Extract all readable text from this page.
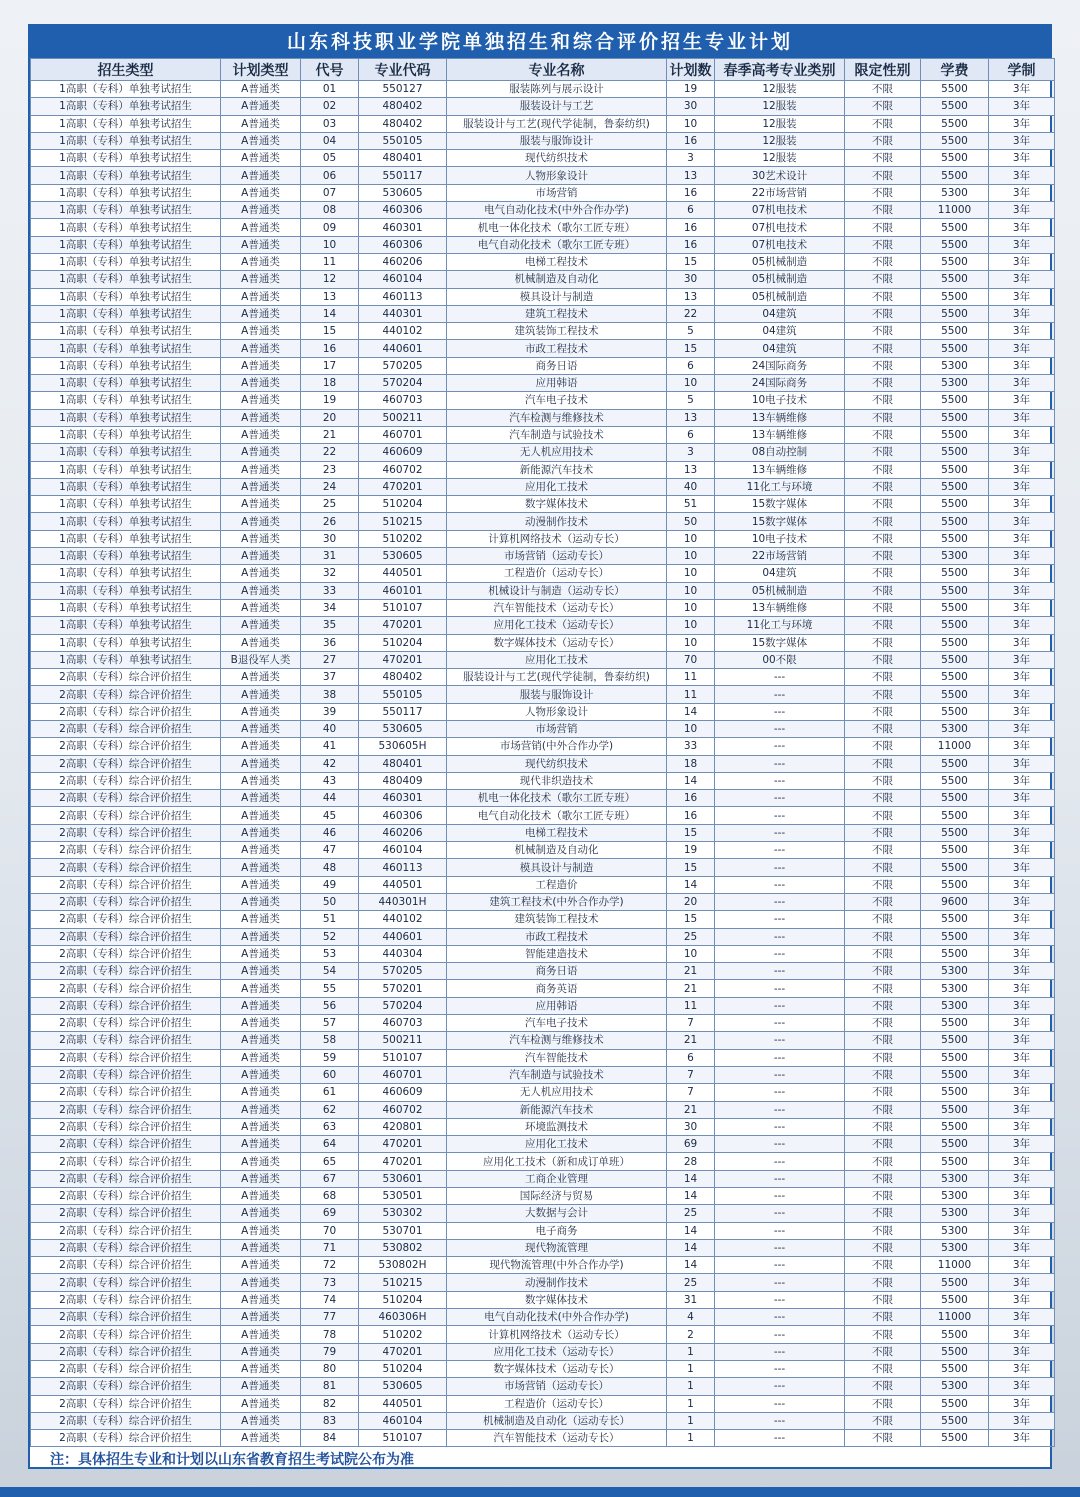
山东科技职业学院单独招生和综合评价招生专业计划
招生类型	计划类型	代号	专业代码	专业名称	计划数	春季高考专业类别	限定性别	学费	学制
1高职（专科）单独考试招生	A普通类	01	550127	服装陈列与展示设计	19	12服装	不限	5500	3年
1高职（专科）单独考试招生	A普通类	02	480402	服装设计与工艺	30	12服装	不限	5500	3年
1高职（专科）单独考试招生	A普通类	03	480402	服装设计与工艺(现代学徒制，鲁泰纺织)	10	12服装	不限	5500	3年
1高职（专科）单独考试招生	A普通类	04	550105	服装与服饰设计	16	12服装	不限	5500	3年
1高职（专科）单独考试招生	A普通类	05	480401	现代纺织技术	3	12服装	不限	5500	3年
1高职（专科）单独考试招生	A普通类	06	550117	人物形象设计	13	30艺术设计	不限	5500	3年
1高职（专科）单独考试招生	A普通类	07	530605	市场营销	16	22市场营销	不限	5300	3年
1高职（专科）单独考试招生	A普通类	08	460306	电气自动化技术(中外合作办学)	6	07机电技术	不限	11000	3年
1高职（专科）单独考试招生	A普通类	09	460301	机电一体化技术（歌尔工匠专班）	16	07机电技术	不限	5500	3年
1高职（专科）单独考试招生	A普通类	10	460306	电气自动化技术（歌尔工匠专班）	16	07机电技术	不限	5500	3年
1高职（专科）单独考试招生	A普通类	11	460206	电梯工程技术	15	05机械制造	不限	5500	3年
1高职（专科）单独考试招生	A普通类	12	460104	机械制造及自动化	30	05机械制造	不限	5500	3年
1高职（专科）单独考试招生	A普通类	13	460113	模具设计与制造	13	05机械制造	不限	5500	3年
1高职（专科）单独考试招生	A普通类	14	440301	建筑工程技术	22	04建筑	不限	5500	3年
1高职（专科）单独考试招生	A普通类	15	440102	建筑装饰工程技术	5	04建筑	不限	5500	3年
1高职（专科）单独考试招生	A普通类	16	440601	市政工程技术	15	04建筑	不限	5500	3年
1高职（专科）单独考试招生	A普通类	17	570205	商务日语	6	24国际商务	不限	5300	3年
1高职（专科）单独考试招生	A普通类	18	570204	应用韩语	10	24国际商务	不限	5300	3年
1高职（专科）单独考试招生	A普通类	19	460703	汽车电子技术	5	10电子技术	不限	5500	3年
1高职（专科）单独考试招生	A普通类	20	500211	汽车检测与维修技术	13	13车辆维修	不限	5500	3年
1高职（专科）单独考试招生	A普通类	21	460701	汽车制造与试验技术	6	13车辆维修	不限	5500	3年
1高职（专科）单独考试招生	A普通类	22	460609	无人机应用技术	3	08自动控制	不限	5500	3年
1高职（专科）单独考试招生	A普通类	23	460702	新能源汽车技术	13	13车辆维修	不限	5500	3年
1高职（专科）单独考试招生	A普通类	24	470201	应用化工技术	40	11化工与环境	不限	5500	3年
1高职（专科）单独考试招生	A普通类	25	510204	数字媒体技术	51	15数字媒体	不限	5500	3年
1高职（专科）单独考试招生	A普通类	26	510215	动漫制作技术	50	15数字媒体	不限	5500	3年
1高职（专科）单独考试招生	A普通类	30	510202	计算机网络技术（运动专长）	10	10电子技术	不限	5500	3年
1高职（专科）单独考试招生	A普通类	31	530605	市场营销（运动专长）	10	22市场营销	不限	5300	3年
1高职（专科）单独考试招生	A普通类	32	440501	工程造价（运动专长）	10	04建筑	不限	5500	3年
1高职（专科）单独考试招生	A普通类	33	460101	机械设计与制造（运动专长）	10	05机械制造	不限	5500	3年
1高职（专科）单独考试招生	A普通类	34	510107	汽车智能技术（运动专长）	10	13车辆维修	不限	5500	3年
1高职（专科）单独考试招生	A普通类	35	470201	应用化工技术（运动专长）	10	11化工与环境	不限	5500	3年
1高职（专科）单独考试招生	A普通类	36	510204	数字媒体技术（运动专长）	10	15数字媒体	不限	5500	3年
1高职（专科）单独考试招生	B退役军人类	27	470201	应用化工技术	70	00不限	不限	5500	3年
2高职（专科）综合评价招生	A普通类	37	480402	服装设计与工艺(现代学徒制，鲁泰纺织)	11	---	不限	5500	3年
2高职（专科）综合评价招生	A普通类	38	550105	服装与服饰设计	11	---	不限	5500	3年
2高职（专科）综合评价招生	A普通类	39	550117	人物形象设计	14	---	不限	5500	3年
2高职（专科）综合评价招生	A普通类	40	530605	市场营销	10	---	不限	5300	3年
2高职（专科）综合评价招生	A普通类	41	530605H	市场营销(中外合作办学)	33	---	不限	11000	3年
2高职（专科）综合评价招生	A普通类	42	480401	现代纺织技术	18	---	不限	5500	3年
2高职（专科）综合评价招生	A普通类	43	480409	现代非织造技术	14	---	不限	5500	3年
2高职（专科）综合评价招生	A普通类	44	460301	机电一体化技术（歌尔工匠专班）	16	---	不限	5500	3年
2高职（专科）综合评价招生	A普通类	45	460306	电气自动化技术（歌尔工匠专班）	16	---	不限	5500	3年
2高职（专科）综合评价招生	A普通类	46	460206	电梯工程技术	15	---	不限	5500	3年
2高职（专科）综合评价招生	A普通类	47	460104	机械制造及自动化	19	---	不限	5500	3年
2高职（专科）综合评价招生	A普通类	48	460113	模具设计与制造	15	---	不限	5500	3年
2高职（专科）综合评价招生	A普通类	49	440501	工程造价	14	---	不限	5500	3年
2高职（专科）综合评价招生	A普通类	50	440301H	建筑工程技术(中外合作办学)	20	---	不限	9600	3年
2高职（专科）综合评价招生	A普通类	51	440102	建筑装饰工程技术	15	---	不限	5500	3年
2高职（专科）综合评价招生	A普通类	52	440601	市政工程技术	25	---	不限	5500	3年
2高职（专科）综合评价招生	A普通类	53	440304	智能建造技术	10	---	不限	5500	3年
2高职（专科）综合评价招生	A普通类	54	570205	商务日语	21	---	不限	5300	3年
2高职（专科）综合评价招生	A普通类	55	570201	商务英语	21	---	不限	5300	3年
2高职（专科）综合评价招生	A普通类	56	570204	应用韩语	11	---	不限	5300	3年
2高职（专科）综合评价招生	A普通类	57	460703	汽车电子技术	7	---	不限	5500	3年
2高职（专科）综合评价招生	A普通类	58	500211	汽车检测与维修技术	21	---	不限	5500	3年
2高职（专科）综合评价招生	A普通类	59	510107	汽车智能技术	6	---	不限	5500	3年
2高职（专科）综合评价招生	A普通类	60	460701	汽车制造与试验技术	7	---	不限	5500	3年
2高职（专科）综合评价招生	A普通类	61	460609	无人机应用技术	7	---	不限	5500	3年
2高职（专科）综合评价招生	A普通类	62	460702	新能源汽车技术	21	---	不限	5500	3年
2高职（专科）综合评价招生	A普通类	63	420801	环境监测技术	30	---	不限	5500	3年
2高职（专科）综合评价招生	A普通类	64	470201	应用化工技术	69	---	不限	5500	3年
2高职（专科）综合评价招生	A普通类	65	470201	应用化工技术（新和成订单班）	28	---	不限	5500	3年
2高职（专科）综合评价招生	A普通类	67	530601	工商企业管理	14	---	不限	5300	3年
2高职（专科）综合评价招生	A普通类	68	530501	国际经济与贸易	14	---	不限	5300	3年
2高职（专科）综合评价招生	A普通类	69	530302	大数据与会计	25	---	不限	5300	3年
2高职（专科）综合评价招生	A普通类	70	530701	电子商务	14	---	不限	5300	3年
2高职（专科）综合评价招生	A普通类	71	530802	现代物流管理	14	---	不限	5300	3年
2高职（专科）综合评价招生	A普通类	72	530802H	现代物流管理(中外合作办学)	14	---	不限	11000	3年
2高职（专科）综合评价招生	A普通类	73	510215	动漫制作技术	25	---	不限	5500	3年
2高职（专科）综合评价招生	A普通类	74	510204	数字媒体技术	31	---	不限	5500	3年
2高职（专科）综合评价招生	A普通类	77	460306H	电气自动化技术(中外合作办学)	4	---	不限	11000	3年
2高职（专科）综合评价招生	A普通类	78	510202	计算机网络技术（运动专长）	2	---	不限	5500	3年
2高职（专科）综合评价招生	A普通类	79	470201	应用化工技术（运动专长）	1	---	不限	5500	3年
2高职（专科）综合评价招生	A普通类	80	510204	数字媒体技术（运动专长）	1	---	不限	5500	3年
2高职（专科）综合评价招生	A普通类	81	530605	市场营销（运动专长）	1	---	不限	5300	3年
2高职（专科）综合评价招生	A普通类	82	440501	工程造价（运动专长）	1	---	不限	5500	3年
2高职（专科）综合评价招生	A普通类	83	460104	机械制造及自动化（运动专长）	1	---	不限	5500	3年
2高职（专科）综合评价招生	A普通类	84	510107	汽车智能技术（运动专长）	1	---	不限	5500	3年
注：具体招生专业和计划以山东省教育招生考试院公布为准
